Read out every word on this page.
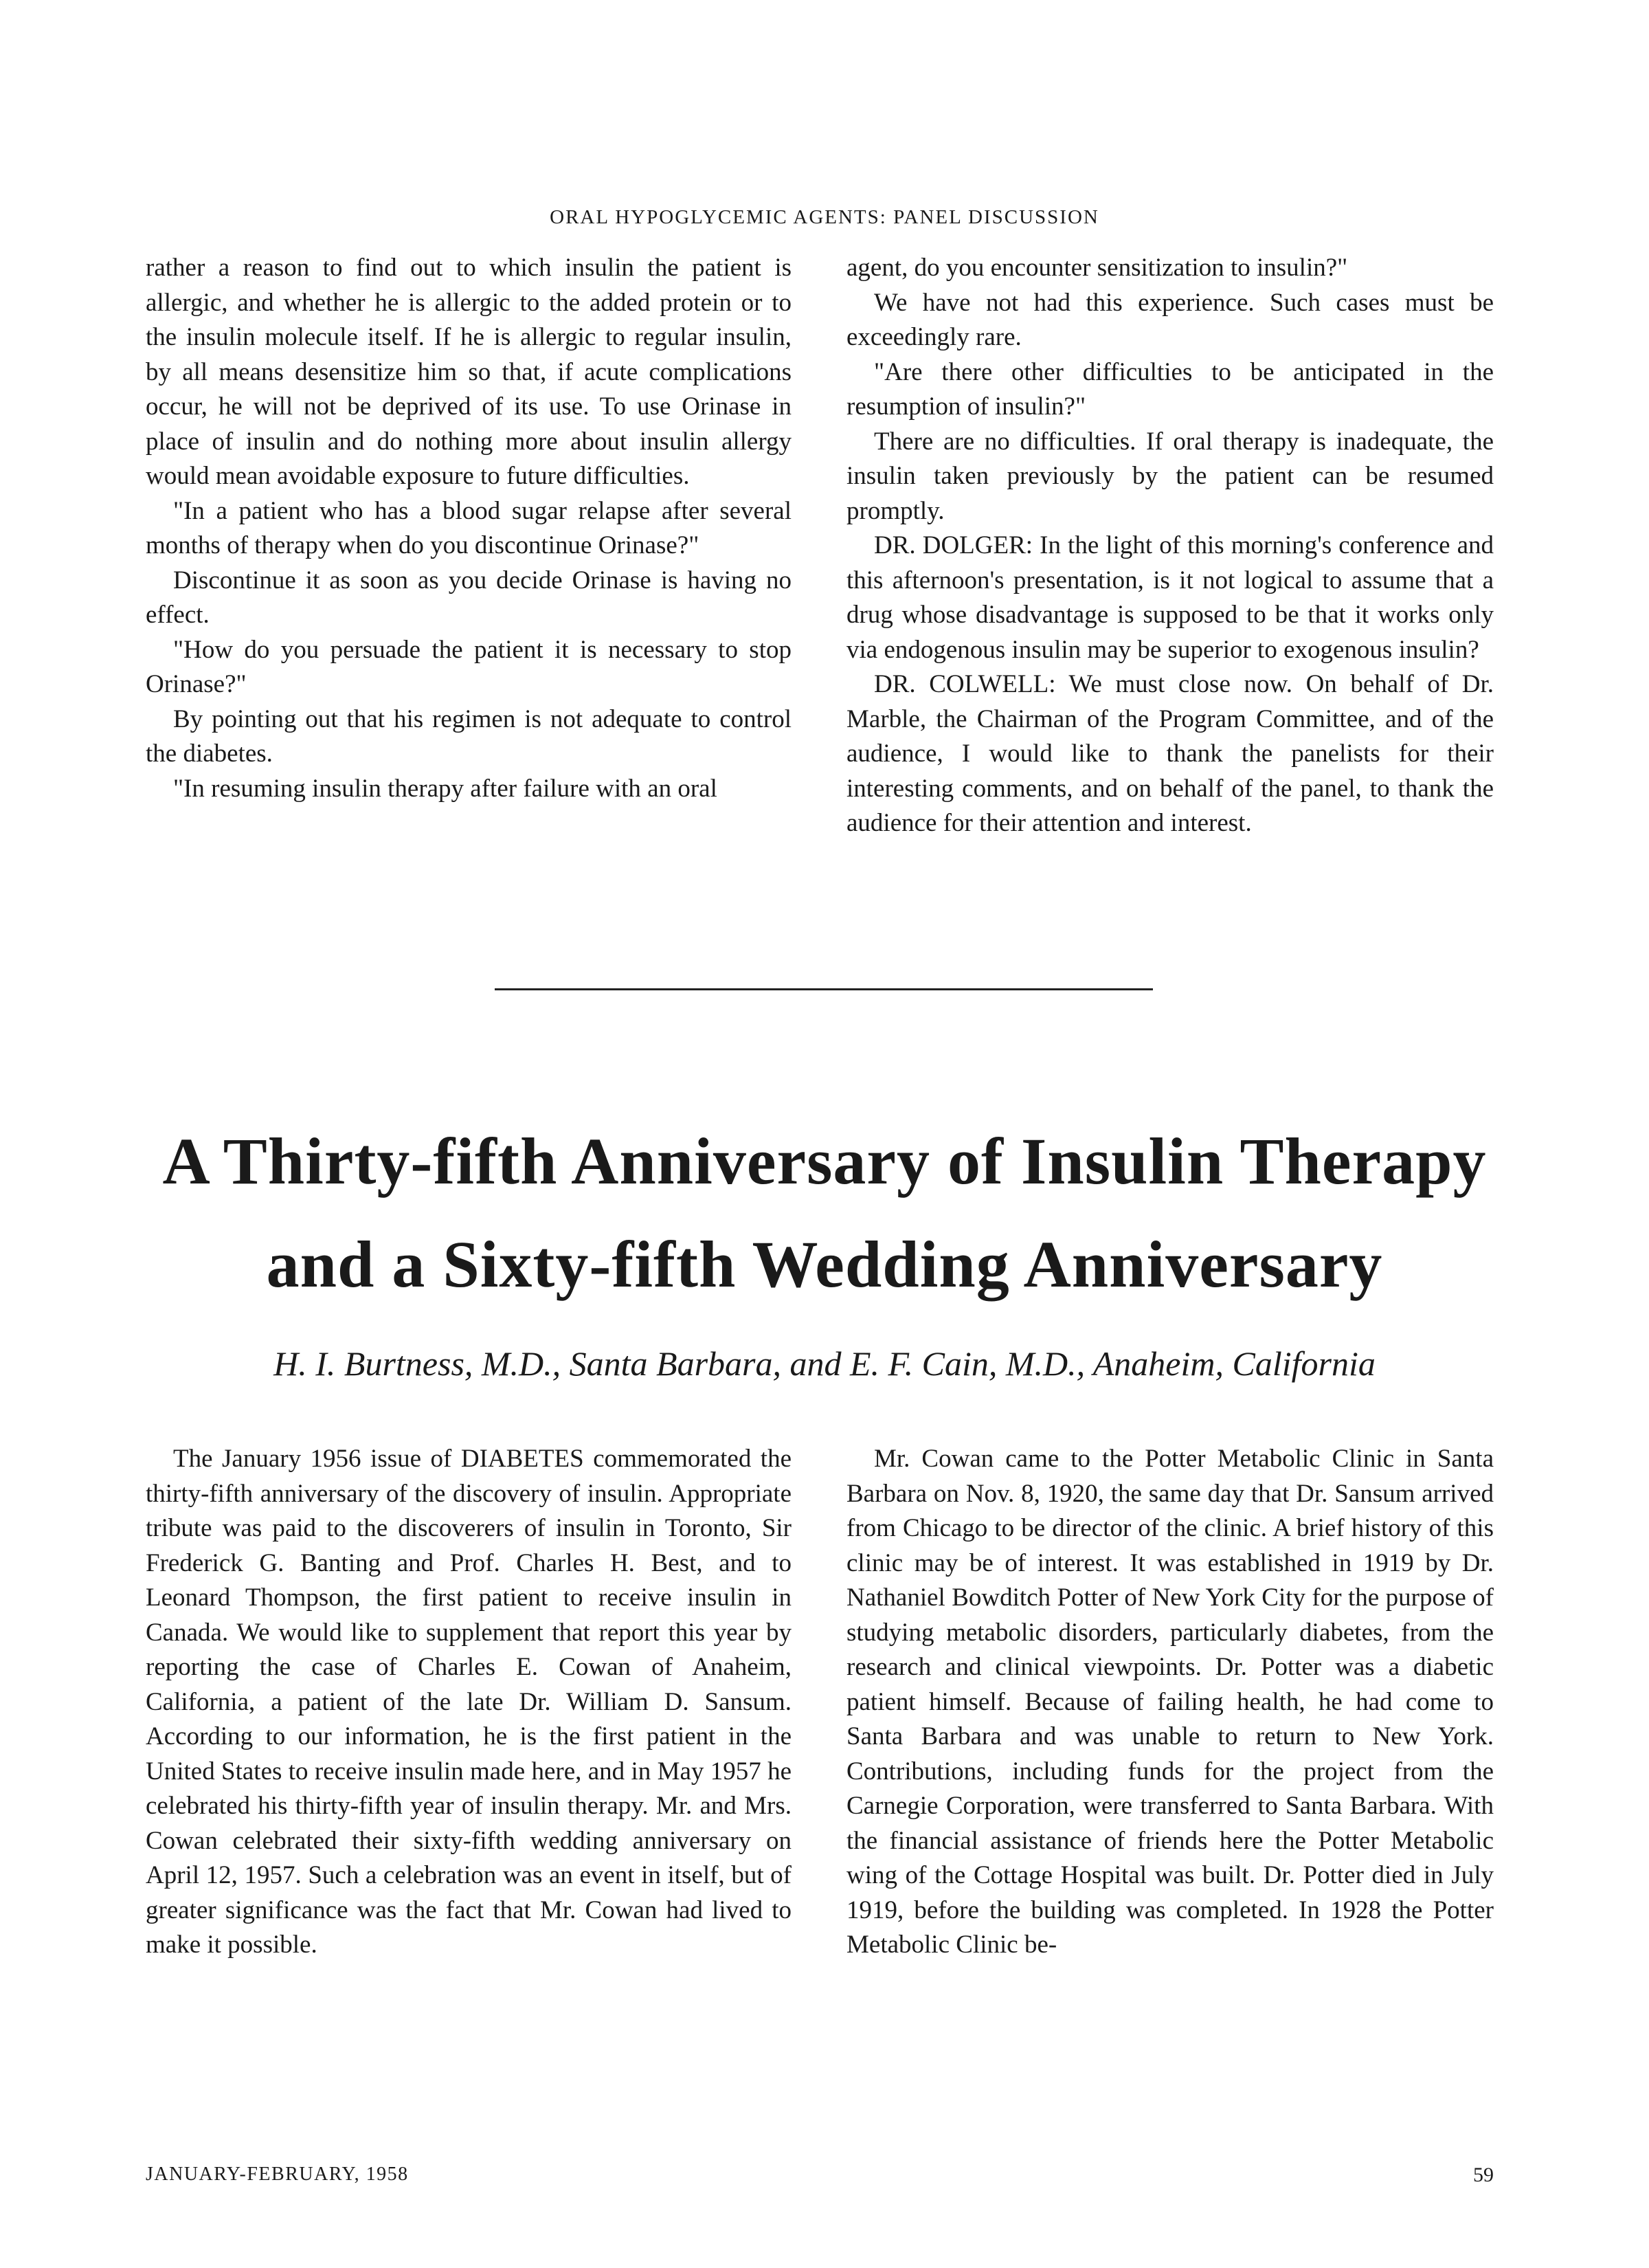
ORAL HYPOGLYCEMIC AGENTS: PANEL DISCUSSION

rather a reason to find out to which insulin the patient is allergic, and whether he is allergic to the added protein or to the insulin molecule itself. If he is allergic to regular insulin, by all means desensitize him so that, if acute complications occur, he will not be deprived of its use. To use Orinase in place of insulin and do nothing more about insulin allergy would mean avoidable exposure to future difficulties.

"In a patient who has a blood sugar relapse after several months of therapy when do you discontinue Orinase?"

Discontinue it as soon as you decide Orinase is having no effect.

"How do you persuade the patient it is necessary to stop Orinase?"

By pointing out that his regimen is not adequate to control the diabetes.

"In resuming insulin therapy after failure with an oral

agent, do you encounter sensitization to insulin?"

We have not had this experience. Such cases must be exceedingly rare.

"Are there other difficulties to be anticipated in the resumption of insulin?"

There are no difficulties. If oral therapy is inadequate, the insulin taken previously by the patient can be resumed promptly.

DR. DOLGER: In the light of this morning's conference and this afternoon's presentation, is it not logical to assume that a drug whose disadvantage is supposed to be that it works only via endogenous insulin may be superior to exogenous insulin?

DR. COLWELL: We must close now. On behalf of Dr. Marble, the Chairman of the Program Committee, and of the audience, I would like to thank the panelists for their interesting comments, and on behalf of the panel, to thank the audience for their attention and interest.

A Thirty-fifth Anniversary of Insulin Therapy
and a Sixty-fifth Wedding Anniversary
H. I. Burtness, M.D., Santa Barbara, and E. F. Cain, M.D., Anaheim, California

The January 1956 issue of DIABETES commemorated the thirty-fifth anniversary of the discovery of insulin. Appropriate tribute was paid to the discoverers of insulin in Toronto, Sir Frederick G. Banting and Prof. Charles H. Best, and to Leonard Thompson, the first patient to receive insulin in Canada. We would like to supplement that report this year by reporting the case of Charles E. Cowan of Anaheim, California, a patient of the late Dr. William D. Sansum. According to our information, he is the first patient in the United States to receive insulin made here, and in May 1957 he celebrated his thirty-fifth year of insulin therapy. Mr. and Mrs. Cowan celebrated their sixty-fifth wedding anniversary on April 12, 1957. Such a celebration was an event in itself, but of greater significance was the fact that Mr. Cowan had lived to make it possible.

Mr. Cowan came to the Potter Metabolic Clinic in Santa Barbara on Nov. 8, 1920, the same day that Dr. Sansum arrived from Chicago to be director of the clinic. A brief history of this clinic may be of interest. It was established in 1919 by Dr. Nathaniel Bowditch Potter of New York City for the purpose of studying metabolic disorders, particularly diabetes, from the research and clinical viewpoints. Dr. Potter was a diabetic patient himself. Because of failing health, he had come to Santa Barbara and was unable to return to New York. Contributions, including funds for the project from the Carnegie Corporation, were transferred to Santa Barbara. With the financial assistance of friends here the Potter Metabolic wing of the Cottage Hospital was built. Dr. Potter died in July 1919, before the building was completed. In 1928 the Potter Metabolic Clinic be-

JANUARY-FEBRUARY, 1958	59
